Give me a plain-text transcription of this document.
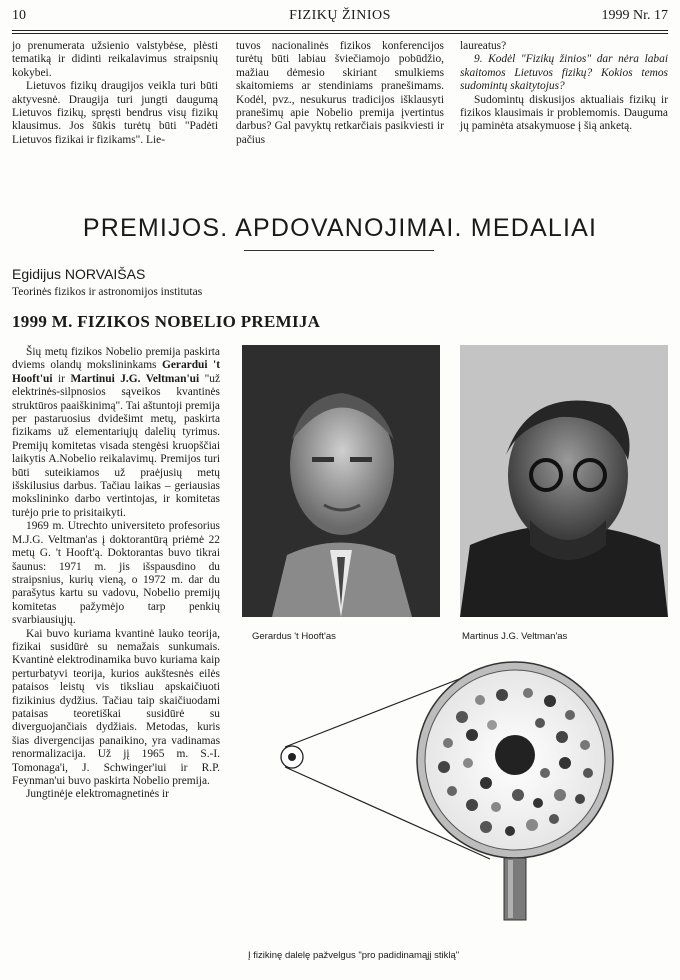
10	FIZIKŲ ŽINIOS	1999 Nr. 17

jo prenumerata užsienio valstybėse, plėsti tematiką ir didinti reikalavimus straipsnių kokybei.

Lietuvos fizikų draugijos veikla turi būti aktyvesnė. Draugija turi jungti daugumą Lietuvos fizikų, spręsti bendrus visų fizikų klausimus. Jos šūkis turėtų būti "Padėti Lietuvos fizikai ir fizikams". Lie-

tuvos nacionalinės fizikos konferencijos turėtų būti labiau šviečiamojo pobūdžio, mažiau dėmesio skiriant smulkiems skaitomiems ar stendiniams pranešimams. Kodėl, pvz., nesukurus tradicijos išklausyti pranešimų apie Nobelio premija įvertintus darbus? Gal pavyktų retkarčiais pasikviesti ir pačius

laureatus?

9. Kodėl "Fizikų žinios" dar nėra labai skaitomos Lietuvos fizikų? Kokios temos sudomintų skaitytojus?

Sudomintų diskusijos aktualiais fizikų ir fizikos klausimais ir problemomis. Dauguma jų paminėta atsakymuose į šią anketą.

PREMIJOS. APDOVANOJIMAI. MEDALIAI
Egidijus NORVAIŠAS
Teorinės fizikos ir astronomijos institutas
1999 M. FIZIKOS NOBELIO PREMIJA

Šių metų fizikos Nobelio premija paskirta dviems olandų mokslininkams Gerardui 't Hooft'ui ir Martinui J.G. Veltman'ui "už elektrinės-silpnosios sąveikos kvantinės struktūros paaiškinimą". Tai aštuntoji premija per pastaruosius dvidešimt metų, paskirta fizikams už elementariųjų dalelių tyrimus. Premijų komitetas visada stengėsi kruopščiai laikytis A.Nobelio reikalavimų. Premijos turi būti suteikiamos už praėjusių metų išskilusius darbus. Tačiau laikas – geriausias mokslininko darbo vertintojas, ir komitetas turėjo prie to prisitaikyti.

1969 m. Utrechto universiteto profesorius M.J.G. Veltman'as į doktorantūrą priėmė 22 metų G. 't Hooft'ą. Doktorantas buvo tikrai šaunus: 1971 m. jis išspausdino du straipsnius, kurių vieną, o 1972 m. dar du parašytus kartu su vadovu, Nobelio premijų komitetas pažymėjo tarp penkių svarbiausiųjų.

Kai buvo kuriama kvantinė lauko teorija, fizikai susidūrė su nemažais sunkumais. Kvantinė elektrodinamika buvo kuriama kaip perturbatyvi teorija, kurios aukštesnės eilės pataisos leistų vis tiksliau apskaičiuoti fizikinius dydžius. Tačiau taip skaičiuodami pataisas teoretiškai susidūrė su diverguojančiais dydžiais. Metodas, kuris šias divergencijas panaikino, yra vadinamas renormalizacija. Už jį 1965 m. S.-I. Tomonaga'i, J. Schwinger'iui ir R.P. Feynman'ui buvo paskirta Nobelio premija.

Jungtinėje elektromagnetinės ir

Gerardus 't Hooft'as	Martinus J.G. Veltman'as
Į fizikinę dalelę pažvelgus "pro padidinamąjį stiklą"
